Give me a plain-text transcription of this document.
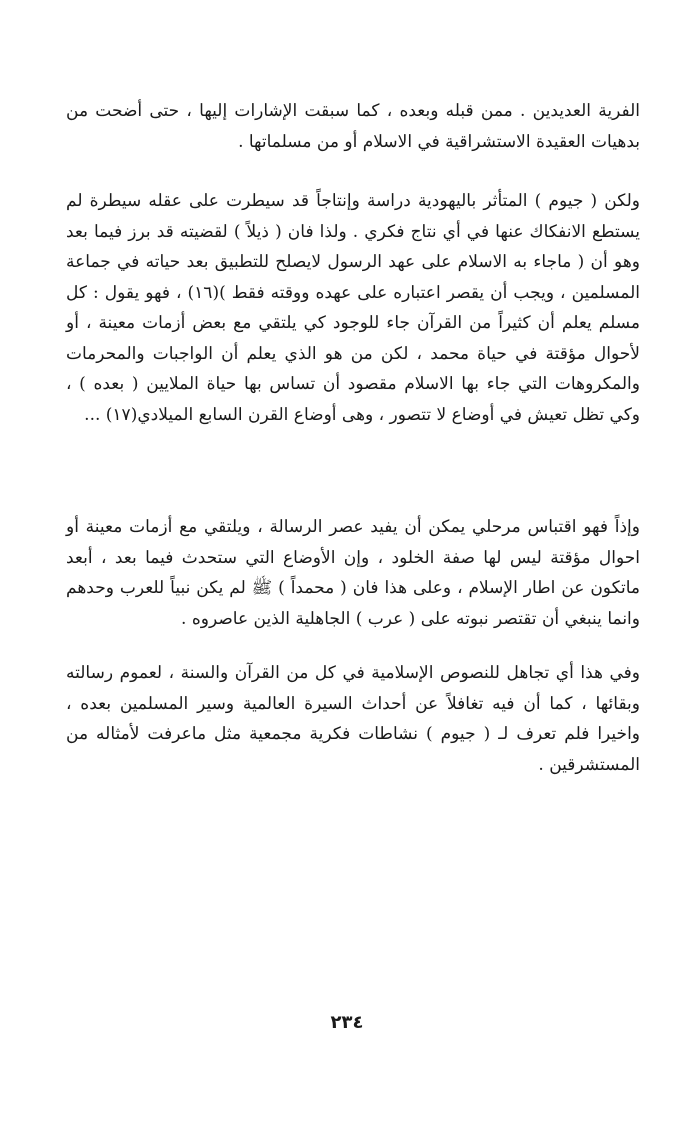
الفرية العديدين . ممن قبله وبعده ، كما سبقت الإشارات إليها ، حتى أضحت من بدهيات العقيدة الاستشراقية في الاسلام أو من مسلماتها .

ولكن ( جيوم ) المتأثر باليهودية دراسة وإنتاجاً قد سيطرت على عقله سيطرة لم يستطع الانفكاك عنها في أي نتاج فكري . ولذا فان ( ذيلاً ) لقضيته قد برز فيما بعد وهو أن ( ماجاء به الاسلام على عهد الرسول لايصلح للتطبيق بعد حياته في جماعة المسلمين ، ويجب أن يقصر اعتباره على عهده ووقته فقط )(١٦) ، فهو يقول : كل مسلم يعلم أن كثيراً من القرآن جاء للوجود كي يلتقي مع بعض أزمات معينة ، أو لأحوال مؤقتة في حياة محمد ، لكن من هو الذي يعلم أن الواجبات والمحرمات والمكروهات التي جاء بها الاسلام مقصود أن تساس بها حياة الملايين ( بعده ) ، وكي تظل تعيش في أوضاع لا تتصور ، وهى أوضاع القرن السابع الميلادي(١٧) ...

وإذاً فهو اقتباس مرحلي يمكن أن يفيد عصر الرسالة ، ويلتقي مع أزمات معينة أو احوال مؤقتة ليس لها صفة الخلود ، وإن الأوضاع التي ستحدث فيما بعد ، أبعد ماتكون عن اطار الإسلام ، وعلى هذا فان ( محمداً ) ﷺ لم يكن نبياً للعرب وحدهم وانما ينبغي أن تقتصر نبوته على ( عرب ) الجاهلية الذين عاصروه .

وفي هذا أي تجاهل للنصوص الإسلامية في كل من القرآن والسنة ، لعموم رسالته وبقائها ، كما أن فيه تغافلاً عن أحداث السيرة العالمية وسير المسلمين بعده ، واخيرا فلم تعرف لـ ( جيوم ) نشاطات فكرية مجمعية مثل ماعرفت لأمثاله من المستشرقين .

٢٣٤
